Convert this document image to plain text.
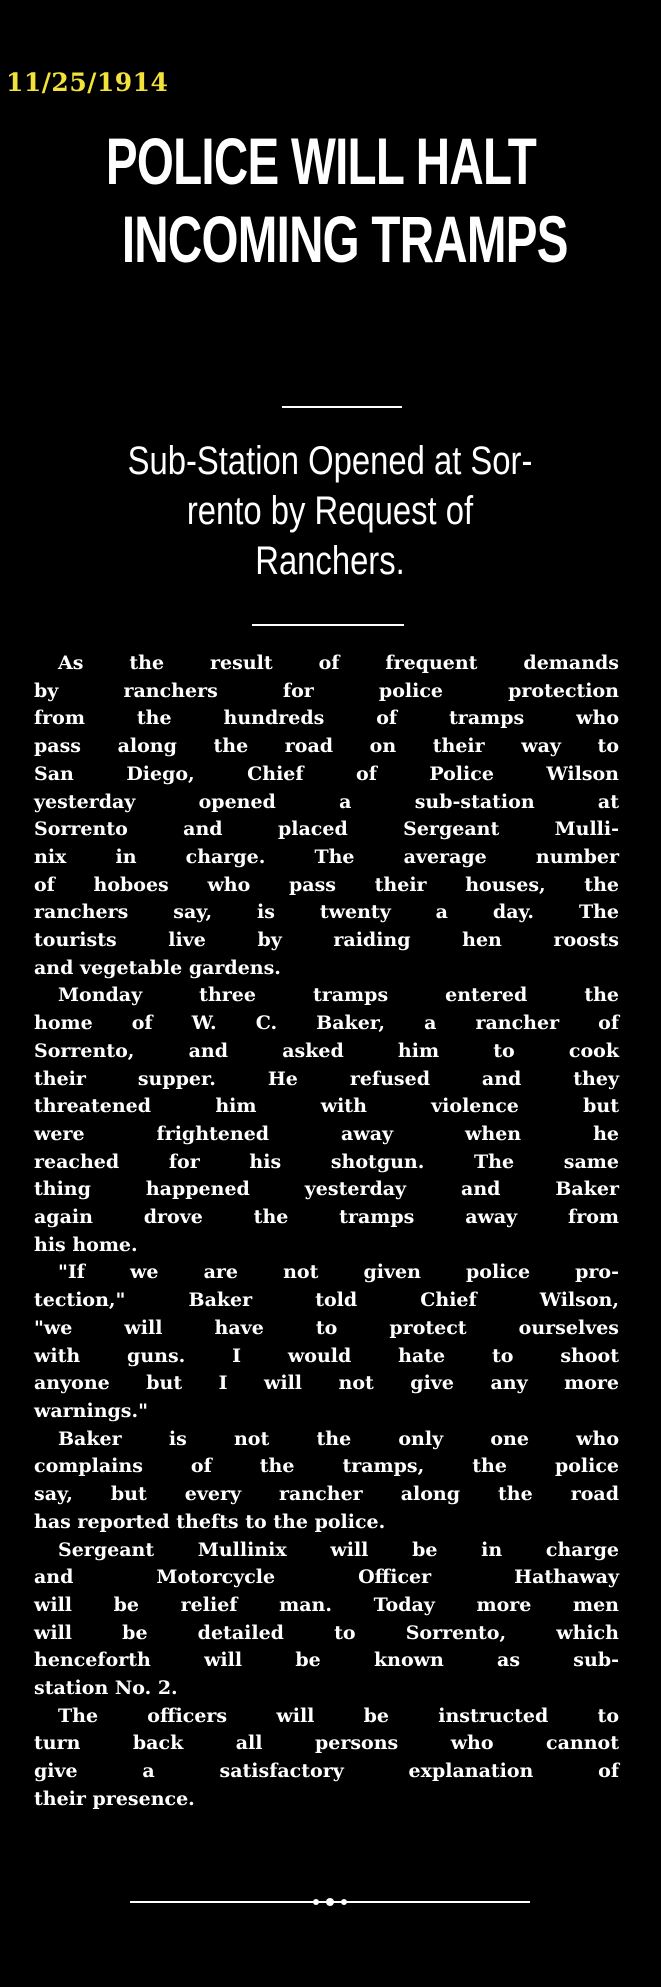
11/25/1914
POLICE WILL HALT
INCOMING TRAMPS
Sub-Station Opened at Sor-
rento by Request of
Ranchers.
As the result of frequent demands
by ranchers for police protection
from the hundreds of tramps who
pass along the road on their way to
San Diego, Chief of Police Wilson
yesterday opened a sub-station at
Sorrento and placed Sergeant Mulli-
nix in charge. The average number
of hoboes who pass their houses, the
ranchers say, is twenty a day. The
tourists live by raiding hen roosts
and vegetable gardens.
Monday three tramps entered the
home of W. C. Baker, a rancher of
Sorrento, and asked him to cook
their supper. He refused and they
threatened him with violence but
were frightened away when he
reached for his shotgun. The same
thing happened yesterday and Baker
again drove the tramps away from
his home.
"If we are not given police pro-
tection," Baker told Chief Wilson,
"we will have to protect ourselves
with guns. I would hate to shoot
anyone but I will not give any more
warnings."
Baker is not the only one who
complains of the tramps, the police
say, but every rancher along the road
has reported thefts to the police.
Sergeant Mullinix will be in charge
and Motorcycle Officer Hathaway
will be relief man. Today more men
will be detailed to Sorrento, which
henceforth will be known as sub-
station No. 2.
The officers will be instructed to
turn back all persons who cannot
give a satisfactory explanation of
their presence.
